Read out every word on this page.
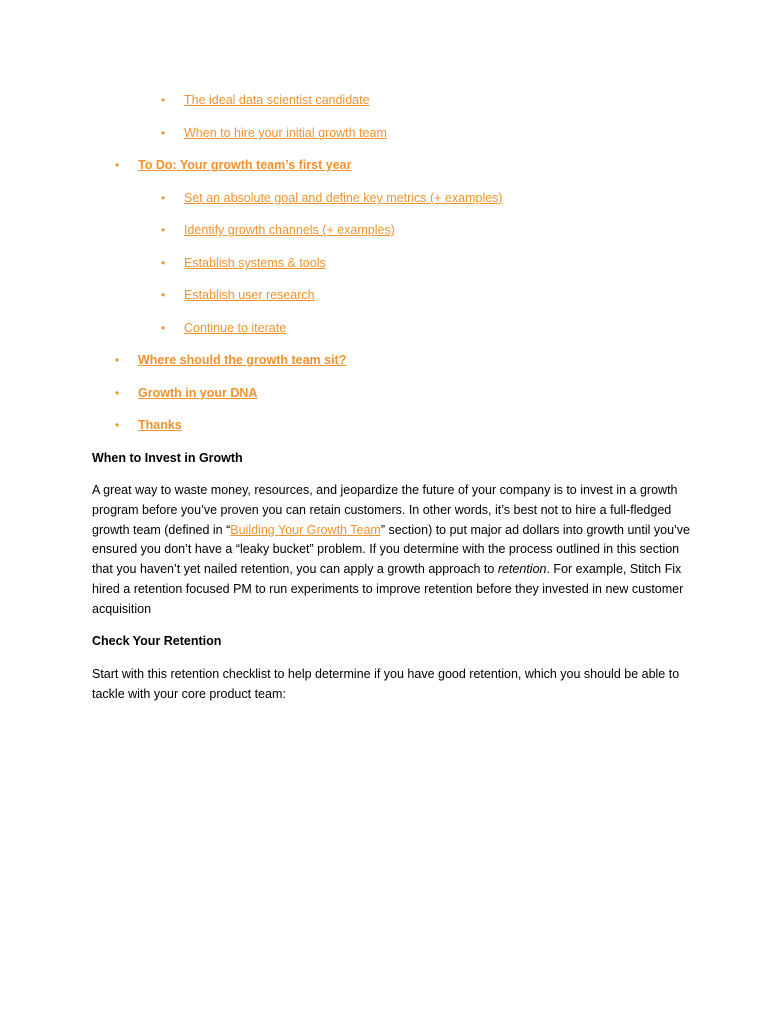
• The ideal data scientist candidate
• When to hire your initial growth team
• To Do: Your growth team’s first year
• Set an absolute goal and define key metrics (+ examples)
• Identify growth channels (+ examples)
• Establish systems & tools
• Establish user research
• Continue to iterate
• Where should the growth team sit?
• Growth in your DNA
• Thanks
When to Invest in Growth

A great way to waste money, resources, and jeopardize the future of your company is to invest in a growth program before you’ve proven you can retain customers. In other words, it’s best not to hire a full-fledged growth team (defined in “Building Your Growth Team” section) to put major ad dollars into growth until you’ve ensured you don’t have a “leaky bucket” problem. If you determine with the process outlined in this section that you haven’t yet nailed retention, you can apply a growth approach to retention. For example, Stitch Fix hired a retention focused PM to run experiments to improve retention before they invested in new customer acquisition

Check Your Retention

Start with this retention checklist to help determine if you have good retention, which you should be able to tackle with your core product team:
